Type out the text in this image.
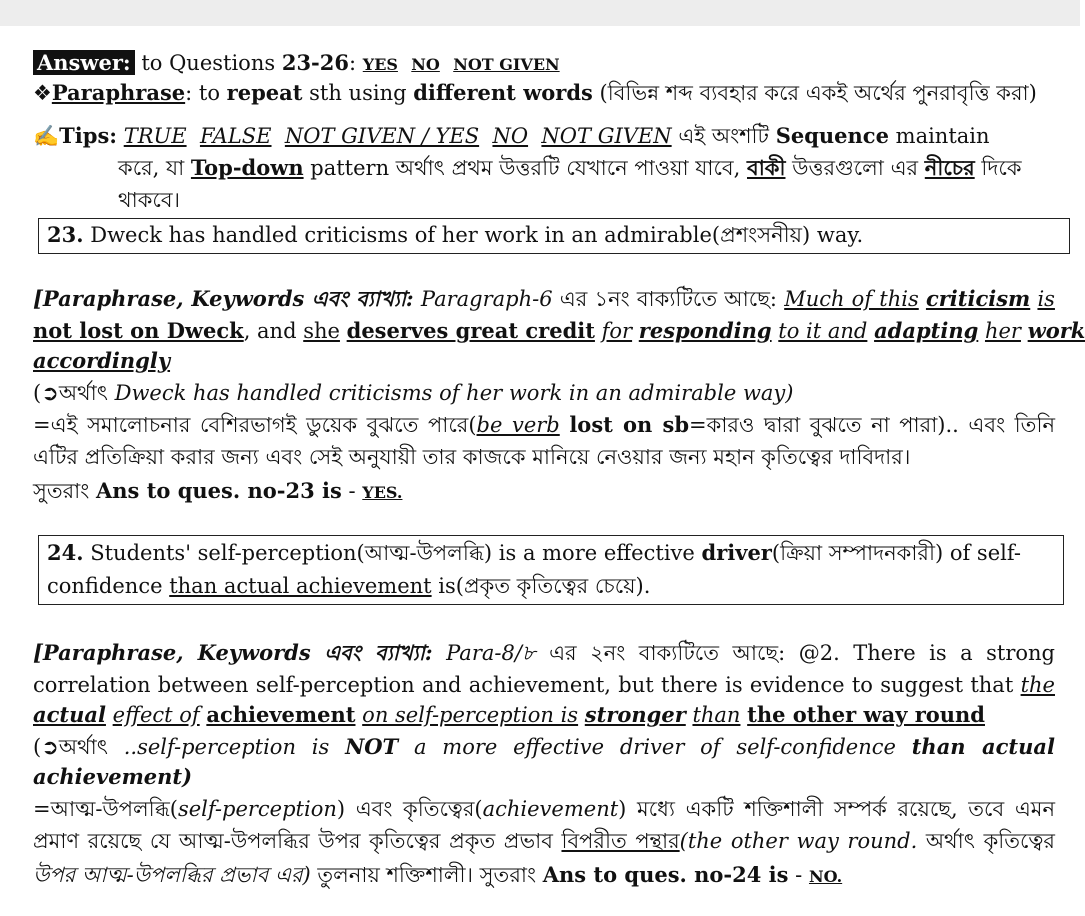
Answer: to Questions 23-26: YES NO NOT GIVEN
❖Paraphrase: to repeat sth using different words (বিভিন্ন শব্দ ব্যবহার করে একই অর্থের পুনরাবৃত্তি করা)
✍Tips: TRUE FALSE NOT GIVEN / YES NO NOT GIVEN এই অংশটি Sequence maintain
করে, যা Top-down pattern অর্থাৎ প্রথম উত্তরটি যেখানে পাওয়া যাবে, বাকী উত্তরগুলো এর নীচের দিকে
থাকবে।
23. Dweck has handled criticisms of her work in an admirable(প্রশংসনীয়) way.
[Paraphrase, Keywords এবং ব্যাখ্যা: Paragraph-6 এর ১নং বাক্যটিতে আছে: Much of this criticism is
not lost on Dweck, and she deserves great credit for responding to it and adapting her work
accordingly
(➲অর্থাৎ Dweck has handled criticisms of her work in an admirable way)
=এই সমালোচনার বেশিরভাগই ডুয়েক বুঝতে পারে(be verb lost on sb=কারও দ্বারা বুঝতে না পারা).. এবং তিনি
এটির প্রতিক্রিয়া করার জন্য এবং সেই অনুযায়ী তার কাজকে মানিয়ে নেওয়ার জন্য মহান কৃতিত্বের দাবিদার।
সুতরাং Ans to ques. no-23 is - YES.
24. Students' self-perception(আত্ম-উপলব্ধি) is a more effective driver(ক্রিয়া সম্পাদনকারী) of self-
confidence than actual achievement is(প্রকৃত কৃতিত্বের চেয়ে).
[Paraphrase, Keywords এবং ব্যাখ্যা: Para-8/৮ এর ২নং বাক্যটিতে আছে: @2. There is a strong
correlation between self-perception and achievement, but there is evidence to suggest that the
actual effect of achievement on self-perception is stronger than the other way round
(➲অর্থাৎ ..self-perception is NOT a more effective driver of self-confidence than actual
achievement)
=আত্ম-উপলব্ধি(self-perception) এবং কৃতিত্বের(achievement) মধ্যে একটি শক্তিশালী সম্পর্ক রয়েছে, তবে এমন
প্রমাণ রয়েছে যে আত্ম-উপলব্ধির উপর কৃতিত্বের প্রকৃত প্রভাব বিপরীত পন্থার(the other way round. অর্থাৎ কৃতিত্বের
উপর আত্ম-উপলব্ধির প্রভাব এর) তুলনায় শক্তিশালী। সুতরাং Ans to ques. no-24 is - NO.
